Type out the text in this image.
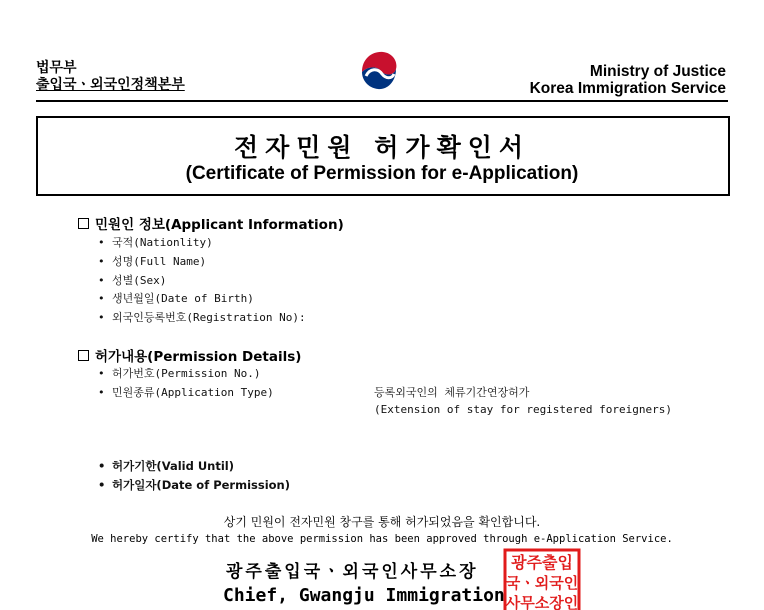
법무부
출입국ㆍ외국인정책본부
Ministry of Justice
Korea Immigration Service
전자민원 허가확인서
(Certificate of Permission for e-Application)
민원인 정보(Applicant Information)
• 국적(Nationlity)
• 성명(Full Name)
• 성별(Sex)
• 생년월일(Date of Birth)
• 외국인등록번호(Registration No):
허가내용(Permission Details)
• 허가번호(Permission No.)
• 민원종류(Application Type)	등록외국인의 체류기간연장허가
(Extension of stay for registered foreigners)
• 허가기한(Valid Until)
• 허가일자(Date of Permission)
상기 민원이 전자민원 창구를 통해 허가되었음을 확인합니다.
We hereby certify that the above permission has been approved through e-Application Service.
광주출입국ㆍ외국인사무소장
Chief, Gwangju Immigration
광주출입
국ㆍ외국인
사무소장인
